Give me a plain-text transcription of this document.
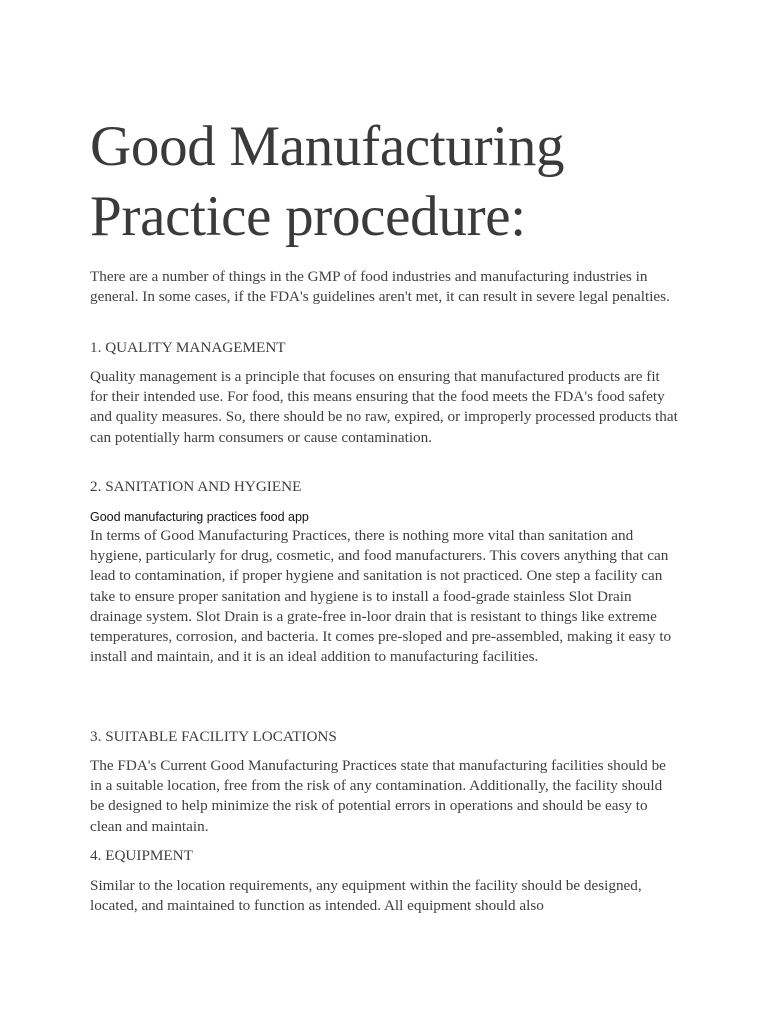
Good Manufacturing Practice procedure:

There are a number of things in the GMP of food industries and manufacturing industries in general. In some cases, if the FDA's guidelines aren't met, it can result in severe legal penalties.

1. QUALITY MANAGEMENT

Quality management is a principle that focuses on ensuring that manufactured products are fit for their intended use. For food, this means ensuring that the food meets the FDA's food safety and quality measures. So, there should be no raw, expired, or improperly processed products that can potentially harm consumers or cause contamination.

2. SANITATION AND HYGIENE
Good manufacturing practices food app

In terms of Good Manufacturing Practices, there is nothing more vital than sanitation and hygiene, particularly for drug, cosmetic, and food manufacturers. This covers anything that can lead to contamination, if proper hygiene and sanitation is not practiced. One step a facility can take to ensure proper sanitation and hygiene is to install a food-grade stainless Slot Drain drainage system. Slot Drain is a grate-free in-loor drain that is resistant to things like extreme temperatures, corrosion, and bacteria. It comes pre-sloped and pre-assembled, making it easy to install and maintain, and it is an ideal addition to manufacturing facilities.

3. SUITABLE FACILITY LOCATIONS

The FDA's Current Good Manufacturing Practices state that manufacturing facilities should be in a suitable location, free from the risk of any contamination. Additionally, the facility should be designed to help minimize the risk of potential errors in operations and should be easy to clean and maintain.

4. EQUIPMENT

Similar to the location requirements, any equipment within the facility should be designed, located, and maintained to function as intended. All equipment should also
